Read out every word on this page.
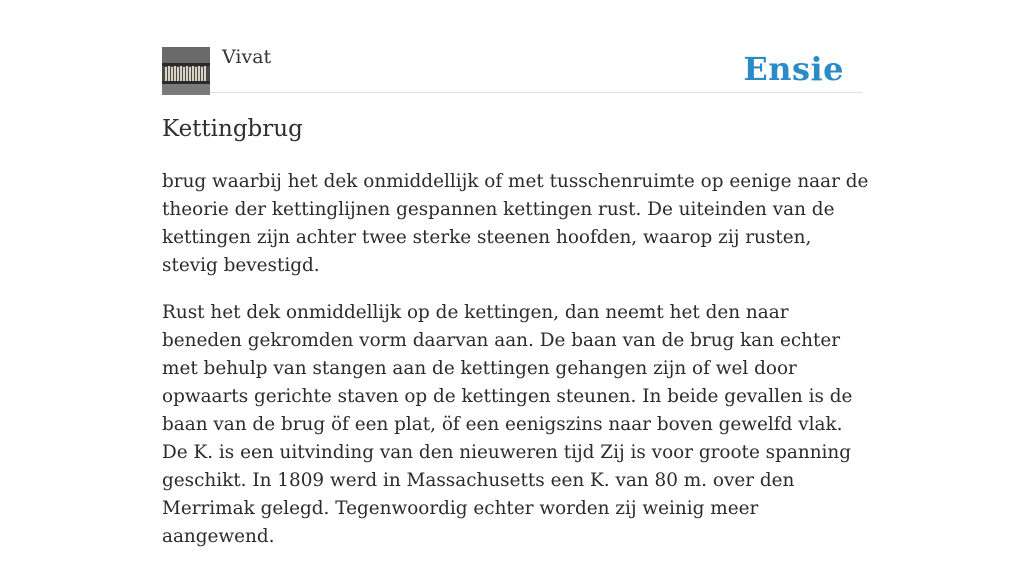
Vivat	Ensie
Kettingbrug

brug waarbij het dek onmiddellijk of met tusschenruimte op eenige naar de theorie der kettinglijnen gespannen kettingen rust. De uiteinden van de kettingen zijn achter twee sterke steenen hoofden, waarop zij rusten, stevig bevestigd.

Rust het dek onmiddellijk op de kettingen, dan neemt het den naar beneden gekromden vorm daarvan aan. De baan van de brug kan echter met behulp van stangen aan de kettingen gehangen zijn of wel door opwaarts gerichte staven op de kettingen steunen. In beide gevallen is de baan van de brug öf een plat, öf een eenigszins naar boven gewelfd vlak. De K. is een uitvinding van den nieuweren tijd Zij is voor groote spanning geschikt. In 1809 werd in Massachusetts een K. van 80 m. over den Merrimak gelegd. Tegenwoordig echter worden zij weinig meer aangewend.
